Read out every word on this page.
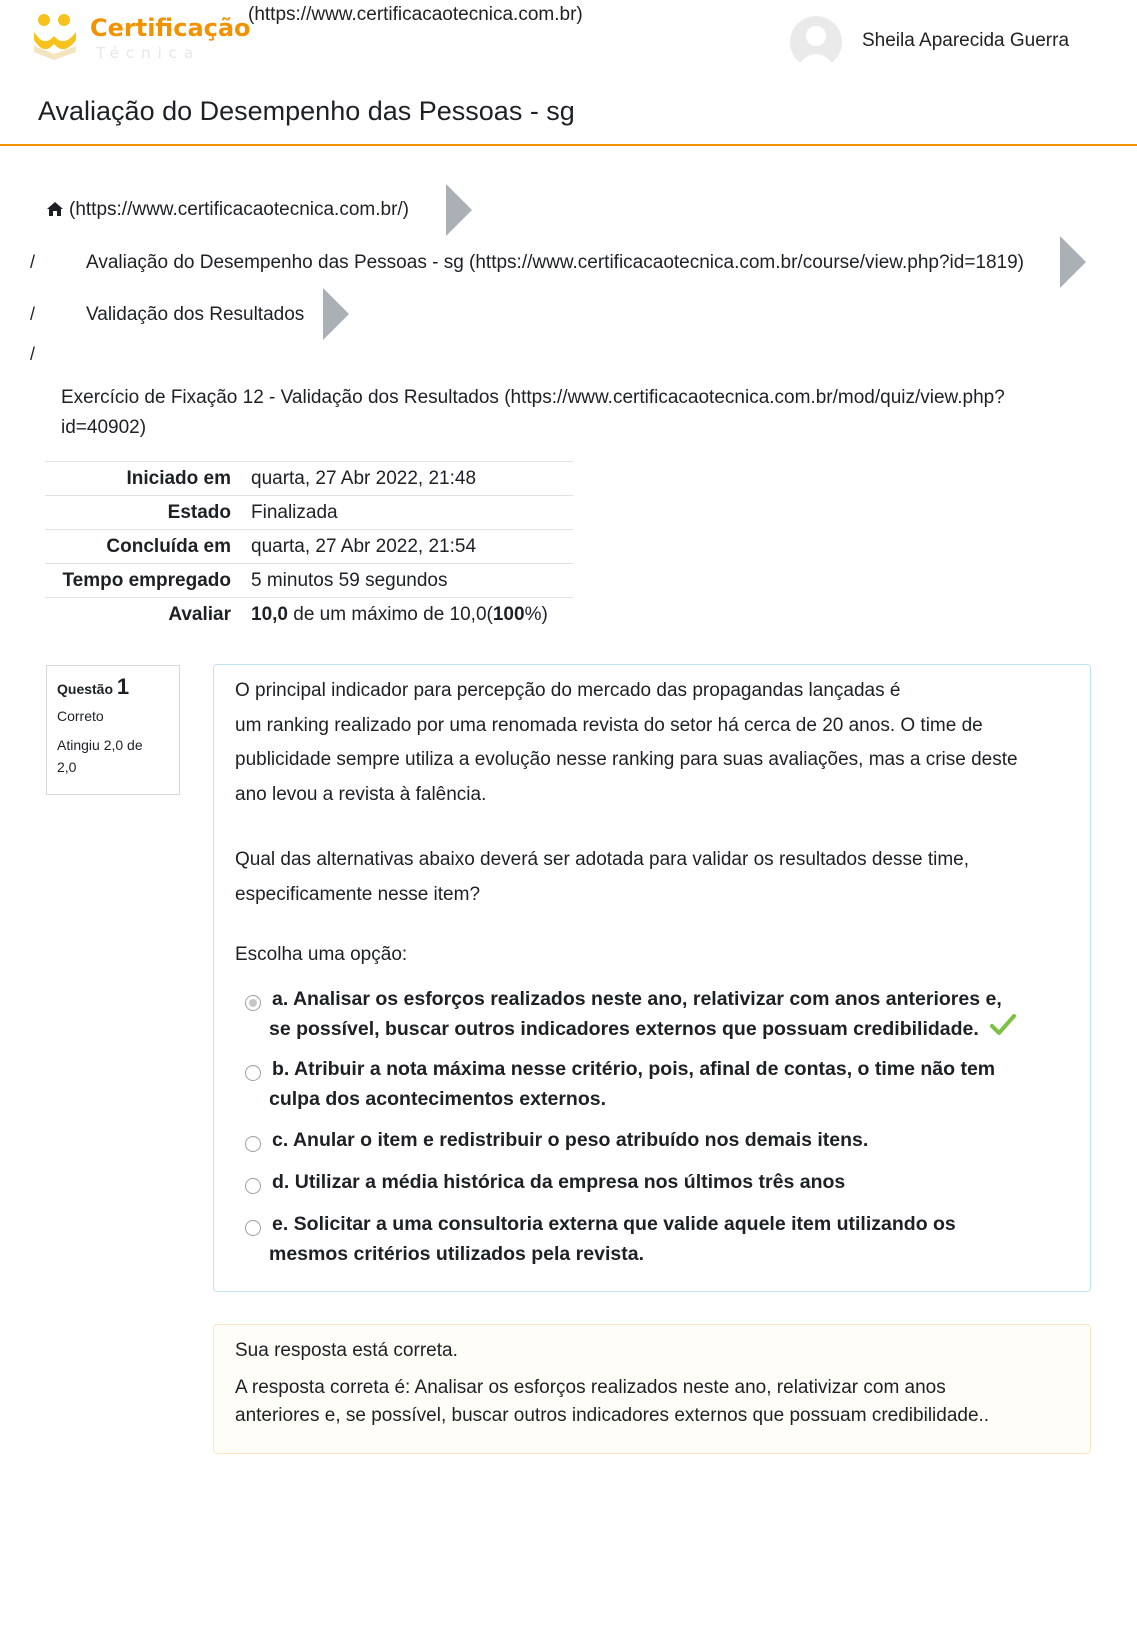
Certificação
Técnica
(https://www.certificacaotecnica.com.br)
Sheila Aparecida Guerra
Avaliação do Desempenho das Pessoas - sg
(https://www.certificacaotecnica.com.br/)
/	Avaliação do Desempenho das Pessoas - sg (https://www.certificacaotecnica.com.br/course/view.php?id=1819)
/	Validação dos Resultados
/
Exercício de Fixação 12 - Validação dos Resultados (https://www.certificacaotecnica.com.br/mod/quiz/view.php?
id=40902)
Iniciado em	quarta, 27 Abr 2022, 21:48
Estado	Finalizada
Concluída em	quarta, 27 Abr 2022, 21:54
Tempo empregado	5 minutos 59 segundos
Avaliar	10,0 de um máximo de 10,0(100%)
Questão 1
Correto
Atingiu 2,0 de
2,0
O principal indicador para percepção do mercado das propagandas lançadas é
um ranking realizado por uma renomada revista do setor há cerca de 20 anos. O time de
publicidade sempre utiliza a evolução nesse ranking para suas avaliações, mas a crise deste
ano levou a revista à falência.
Qual das alternativas abaixo deverá ser adotada para validar os resultados desse time,
especificamente nesse item?
Escolha uma opção:
a. Analisar os esforços realizados neste ano, relativizar com anos anteriores e,
se possível, buscar outros indicadores externos que possuam credibilidade.
b. Atribuir a nota máxima nesse critério, pois, afinal de contas, o time não tem
culpa dos acontecimentos externos.
c. Anular o item e redistribuir o peso atribuído nos demais itens.
d. Utilizar a média histórica da empresa nos últimos três anos
e. Solicitar a uma consultoria externa que valide aquele item utilizando os
mesmos critérios utilizados pela revista.
Sua resposta está correta.
A resposta correta é: Analisar os esforços realizados neste ano, relativizar com anos
anteriores e, se possível, buscar outros indicadores externos que possuam credibilidade..
